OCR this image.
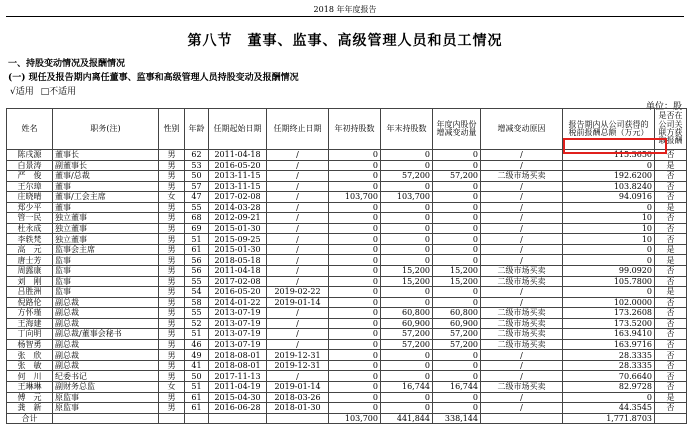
2018 年年度报告
第八节　董事、监事、高级管理人员和员工情况
一、持股变动情况及报酬情况
(一) 现任及报告期内离任董事、监事和高级管理人员持股变动及报酬情况
√适用 □不适用
单位：股
姓名	职务(注)	性别	年龄	任期起始日期	任期终止日期	年初持股数	年末持股数	年度内股份增减变动量	增减变动原因	报告期内从公司获得的税前报酬总额（万元）	是否在公司关联方获取报酬
陈戌源	董事长	男	62	2011-04-18	/	0	0	0	/	115.3650	否
白景涛	副董事长	男	53	2016-05-20	/	0	0	0	/	0	是
严　俊	董事/总裁	男	50	2013-11-15	/	0	57,200	57,200	二级市场买卖	192.6200	否
王尔璋	董事	男	57	2013-11-15	/	0	0	0	/	103.8240	否
庄晓晴	董事/工会主席	女	47	2017-02-08	/	103,700	103,700	0	/	94.0916	否
郑少平	董事	男	55	2014-03-28	/	0	0	0	/	0	是
管一民	独立董事	男	68	2012-09-21	/	0	0	0	/	10	否
杜永成	独立董事	男	69	2015-01-30	/	0	0	0	/	10	否
李轶梵	独立董事	男	51	2015-09-25	/	0	0	0	/	10	否
高　元	监事会主席	男	61	2015-01-30	/	0	0	0	/	0	是
唐士芳	监事	男	56	2018-05-18	/	0	0	0	/	0	是
周露康	监事	男	56	2011-04-18	/	0	15,200	15,200	二级市场买卖	99.0920	否
刘　刚	监事	男	55	2017-02-08	/	0	15,200	15,200	二级市场买卖	105.7800	否
吕胜洲	监事	男	54	2016-05-20	2019-02-22	0	0	0	/	0	是
倪路伦	副总裁	男	58	2014-01-22	2019-01-14	0	0	0	/	102.0000	否
方怀瑾	副总裁	男	55	2013-07-19	/	0	60,800	60,800	二级市场买卖	173.2608	否
王海建	副总裁	男	52	2013-07-19	/	0	60,900	60,900	二级市场买卖	173.5200	否
丁向明	副总裁/董事会秘书	男	51	2013-07-19	/	0	57,200	57,200	二级市场买卖	163.9410	否
杨智勇	副总裁	男	46	2013-07-19	/	0	57,200	57,200	二级市场买卖	163.9716	否
张　欣	副总裁	男	49	2018-08-01	2019-12-31	0	0	0	/	28.3335	否
张　敏	副总裁	男	41	2018-08-01	2019-12-31	0	0	0	/	28.3335	否
何　川	纪委书记	男	50	2017-11-13	/	0	0	0	/	70.6640	否
王琳琳	副财务总监	女	51	2011-04-19	2019-01-14	0	16,744	16,744	二级市场买卖	82.9728	否
傅　元	原监事	男	61	2015-04-30	2018-03-26	0	0	0	/	0	是
龚　新	原监事	男	61	2016-06-28	2018-01-30	0	0	0	/	44.3545	否
合计						103,700	441,844	338,144		1,771.8703	
